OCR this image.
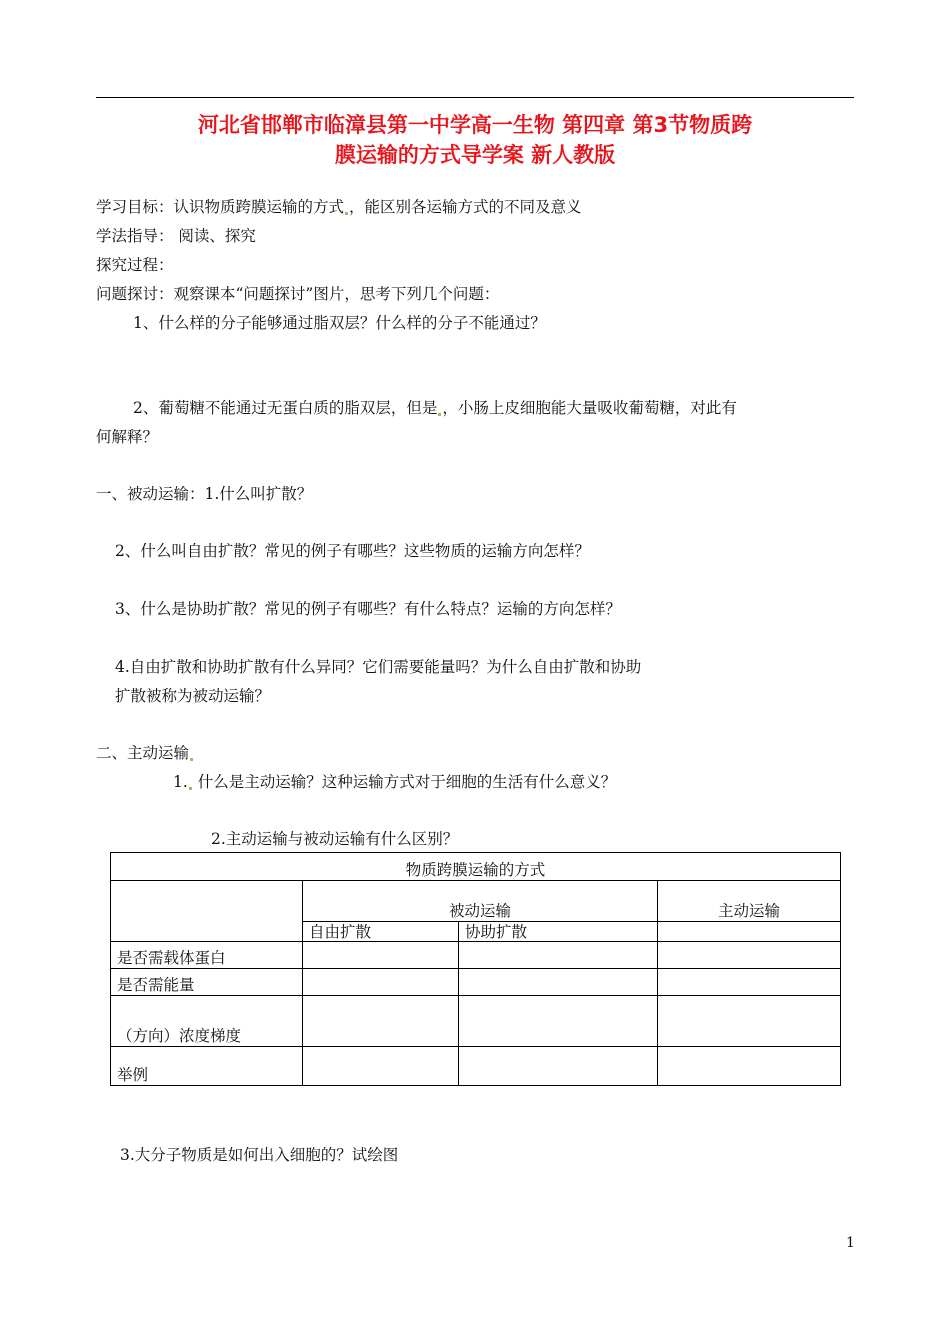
河北省邯郸市临漳县第一中学高一生物 第四章 第3节物质跨
膜运输的方式导学案 新人教版
学习目标：认识物质跨膜运输的方式 ，能区别各运输方式的不同及意义
学法指导： 阅读、探究
探究过程：
问题探讨：观察课本“问题探讨”图片，思考下列几个问题：
1、什么样的分子能够通过脂双层？什么样的分子不能通过？
2、葡萄糖不能通过无蛋白质的脂双层，但是 ，小肠上皮细胞能大量吸收葡萄糖，对此有
何解释？
一、被动运输：1.什么叫扩散？
2、什么叫自由扩散？常见的例子有哪些？这些物质的运输方向怎样？
3、什么是协助扩散？常见的例子有哪些？有什么特点？运输的方向怎样？
4.自由扩散和协助扩散有什么异同？它们需要能量吗？为什么自由扩散和协助
扩散被称为被动运输？
二、主动运输
1. 什么是主动运输？这种运输方式对于细胞的生活有什么意义？
2.主动运输与被动运输有什么区别？
物质跨膜运输的方式			
	被动运输		主动运输
	自由扩散	协助扩散	
是否需载体蛋白			
是否需能量			
（方向）浓度梯度			
举例			
3.大分子物质是如何出入细胞的？试绘图
1
